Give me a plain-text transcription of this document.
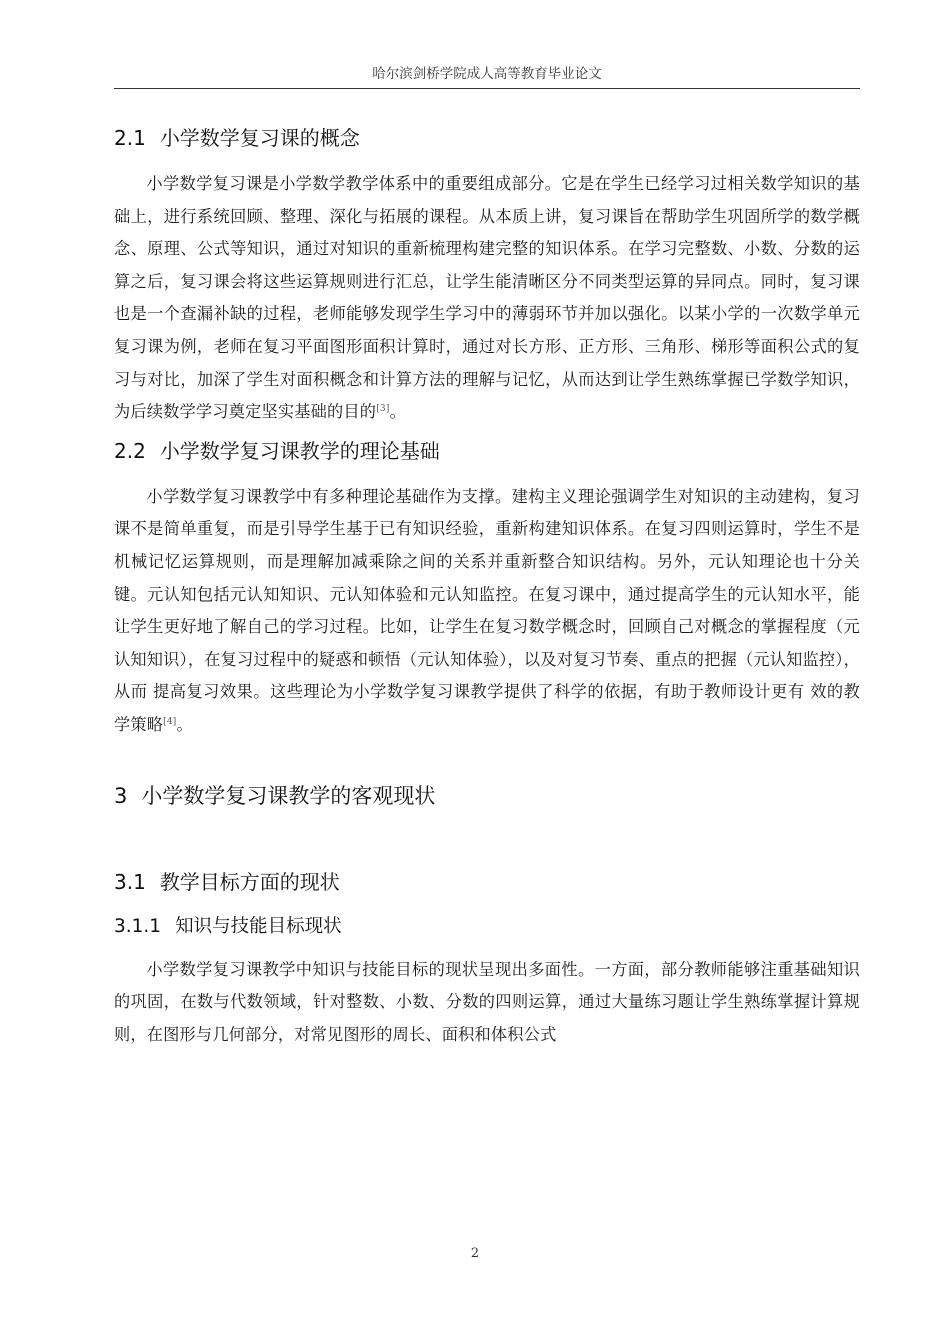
哈尔滨剑桥学院成人高等教育毕业论文
2.1 小学数学复习课的概念

小学数学复习课是小学数学教学体系中的重要组成部分。它是在学生已经学习过相关数学知识的基础上，进行系统回顾、整理、深化与拓展的课程。从本质上讲，复习课旨在帮助学生巩固所学的数学概念、原理、公式等知识，通过对知识的重新梳理构建完整的知识体系。在学习完整数、小数、分数的运算之后，复习课会将这些运算规则进行汇总，让学生能清晰区分不同类型运算的异同点。同时，复习课也是一个查漏补缺的过程，老师能够发现学生学习中的薄弱环节并加以强化。以某小学的一次数学单元复习课为例，老师在复习平面图形面积计算时，通过对长方形、正方形、三角形、梯形等面积公式的复习与对比，加深了学生对面积概念和计算方法的理解与记忆，从而达到让学生熟练掌握已学数学知识，为后续数学学习奠定坚实基础的目的[3]。

2.2 小学数学复习课教学的理论基础

小学数学复习课教学中有多种理论基础作为支撑。建构主义理论强调学生对知识的主动建构，复习课不是简单重复，而是引导学生基于已有知识经验，重新构建知识体系。在复习四则运算时，学生不是机械记忆运算规则，而是理解加减乘除之间的关系并重新整合知识结构。另外，元认知理论也十分关键。元认知包括元认知知识、元认知体验和元认知监控。在复习课中，通过提高学生的元认知水平，能让学生更好地了解自己的学习过程。比如，让学生在复习数学概念时，回顾自己对概念的掌握程度（元认知知识），在复习过程中的疑惑和顿悟（元认知体验），以及对复习节奏、重点的把握（元认知监控），从而 提高复习效果。这些理论为小学数学复习课教学提供了科学的依据，有助于教师设计更有 效的教学策略[4]。

3 小学数学复习课教学的客观现状
3.1 教学目标方面的现状
3.1.1 知识与技能目标现状

小学数学复习课教学中知识与技能目标的现状呈现出多面性。一方面，部分教师能够注重基础知识的巩固，在数与代数领域，针对整数、小数、分数的四则运算，通过大量练习题让学生熟练掌握计算规则，在图形与几何部分，对常见图形的周长、面积和体积公式

2
